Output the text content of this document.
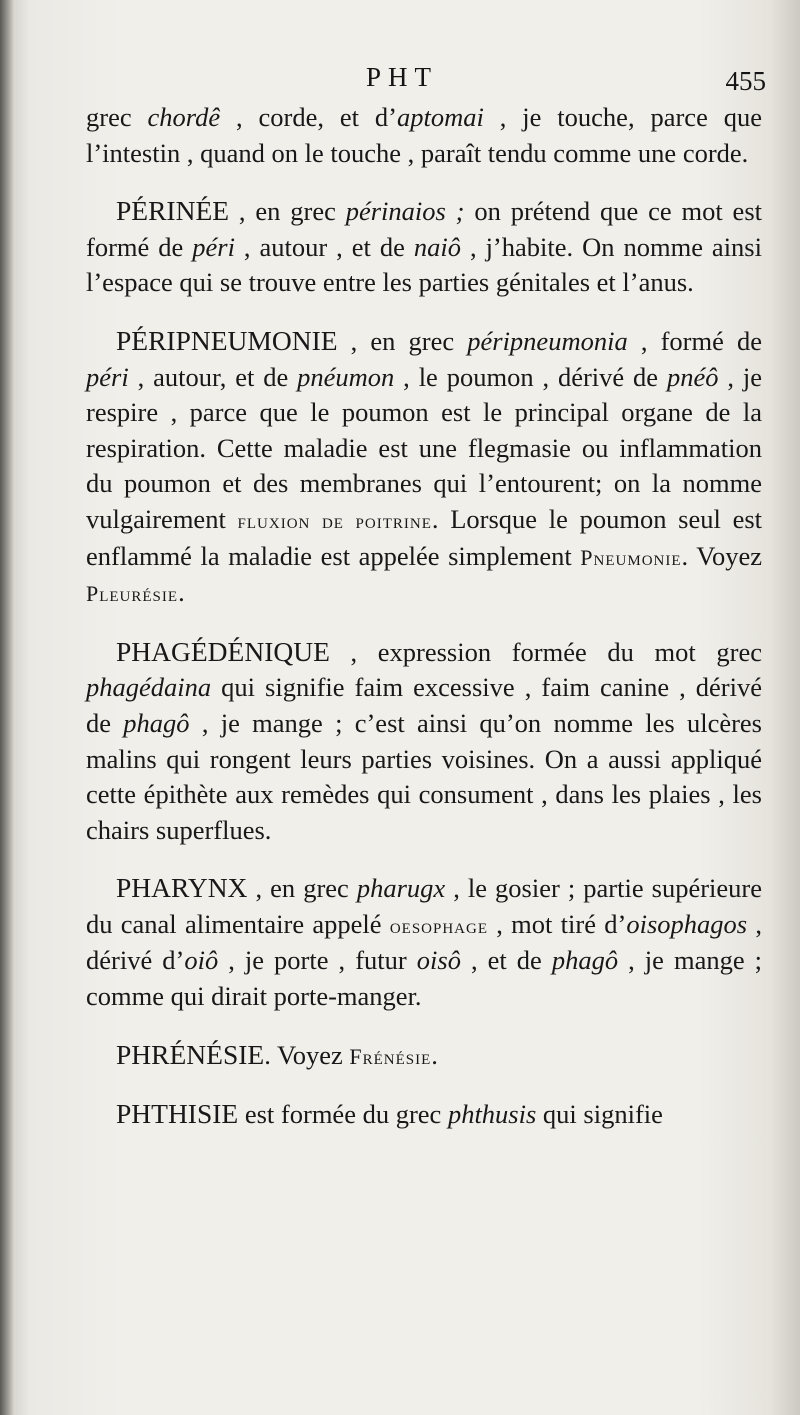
PHT	455

grec chordê , corde, et d’aptomai , je touche, parce que l’intestin , quand on le touche , paraît tendu comme une corde.

PÉRINÉE , en grec périnaios ; on prétend que ce mot est formé de péri , autour , et de naiô , j’habite. On nomme ainsi l’espace qui se trouve entre les parties génitales et l’anus.

PÉRIPNEUMONIE , en grec péripneumonia , formé de péri , autour, et de pnéumon , le poumon , dérivé de pnéô , je respire , parce que le poumon est le principal organe de la respiration. Cette maladie est une flegmasie ou inflammation du poumon et des membranes qui l’entourent; on la nomme vulgairement fluxion de poitrine. Lorsque le poumon seul est enflammé la maladie est appelée simplement Pneumonie. Voyez Pleurésie.

PHAGÉDÉNIQUE , expression formée du mot grec phagédaina qui signifie faim excessive , faim canine , dérivé de phagô , je mange ; c’est ainsi qu’on nomme les ulcères malins qui rongent leurs parties voisines. On a aussi appliqué cette épithète aux remèdes qui consument , dans les plaies , les chairs superflues.

PHARYNX , en grec pharugx , le gosier ; partie supérieure du canal alimentaire appelé oesophage , mot tiré d’oisophagos , dérivé d’oiô , je porte , futur oisô , et de phagô , je mange ; comme qui dirait porte-manger.

PHRÉNÉSIE. Voyez Frénésie.

PHTHISIE est formée du grec phthusis qui signifie
